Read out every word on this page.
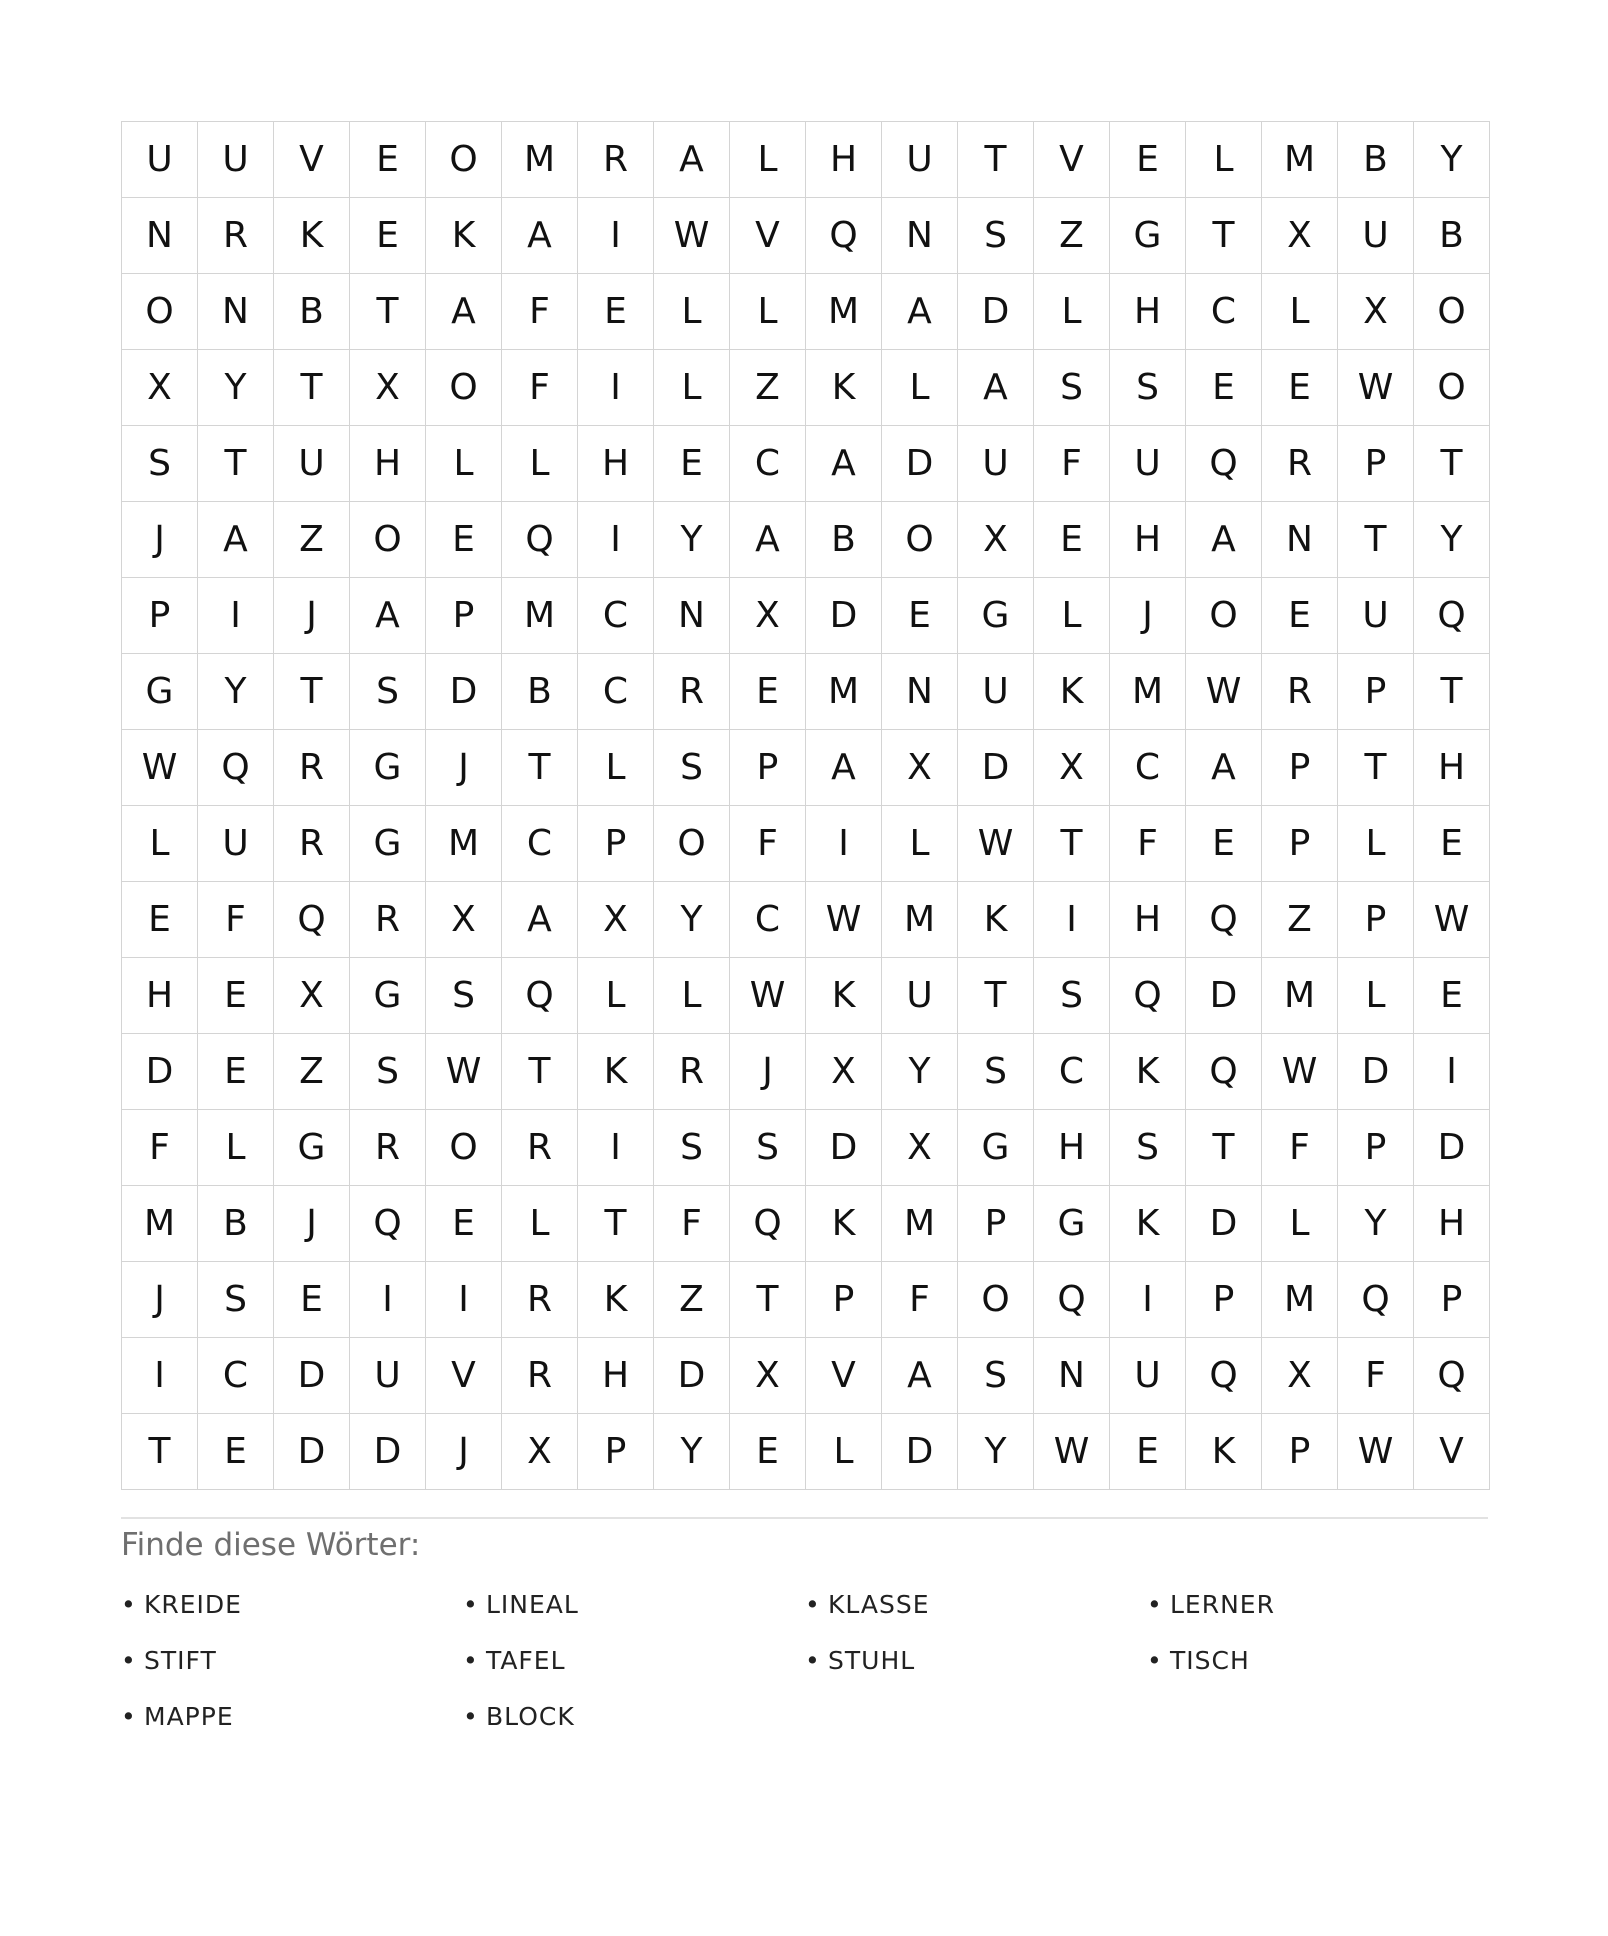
U	U	V	E	O	M	R	A	L	H	U	T	V	E	L	M	B	Y
N	R	K	E	K	A	I	W	V	Q	N	S	Z	G	T	X	U	B
O	N	B	T	A	F	E	L	L	M	A	D	L	H	C	L	X	O
X	Y	T	X	O	F	I	L	Z	K	L	A	S	S	E	E	W	O
S	T	U	H	L	L	H	E	C	A	D	U	F	U	Q	R	P	T
J	A	Z	O	E	Q	I	Y	A	B	O	X	E	H	A	N	T	Y
P	I	J	A	P	M	C	N	X	D	E	G	L	J	O	E	U	Q
G	Y	T	S	D	B	C	R	E	M	N	U	K	M	W	R	P	T
W	Q	R	G	J	T	L	S	P	A	X	D	X	C	A	P	T	H
L	U	R	G	M	C	P	O	F	I	L	W	T	F	E	P	L	E
E	F	Q	R	X	A	X	Y	C	W	M	K	I	H	Q	Z	P	W
H	E	X	G	S	Q	L	L	W	K	U	T	S	Q	D	M	L	E
D	E	Z	S	W	T	K	R	J	X	Y	S	C	K	Q	W	D	I
F	L	G	R	O	R	I	S	S	D	X	G	H	S	T	F	P	D
M	B	J	Q	E	L	T	F	Q	K	M	P	G	K	D	L	Y	H
J	S	E	I	I	R	K	Z	T	P	F	O	Q	I	P	M	Q	P
I	C	D	U	V	R	H	D	X	V	A	S	N	U	Q	X	F	Q
T	E	D	D	J	X	P	Y	E	L	D	Y	W	E	K	P	W	V
Finde diese Wörter:
• KREIDE	• LINEAL	• KLASSE	• LERNER
• STIFT	• TAFEL	• STUHL	• TISCH
• MAPPE	• BLOCK
